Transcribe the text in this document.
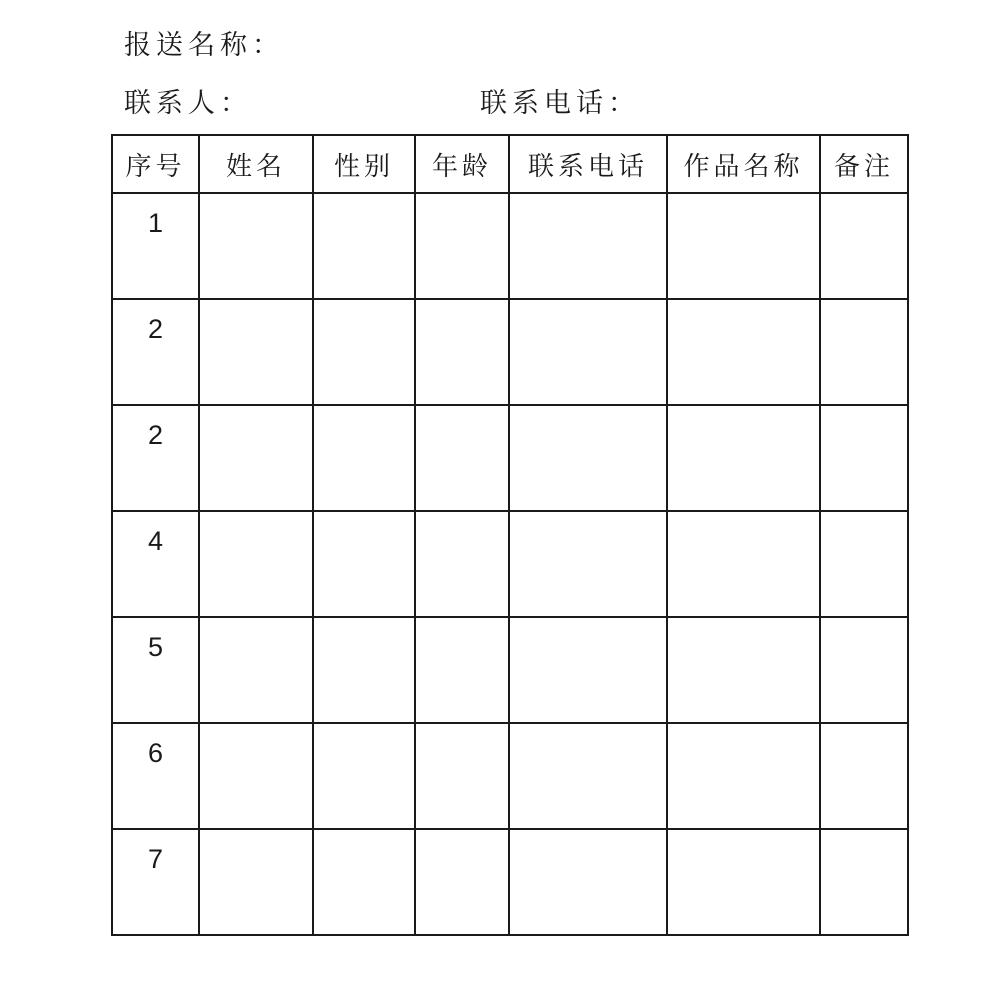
报送名称：
联系人：	联系电话：
序号	姓名	性别	年龄	联系电话	作品名称	备注
1						
2						
2						
4						
5						
6						
7						
